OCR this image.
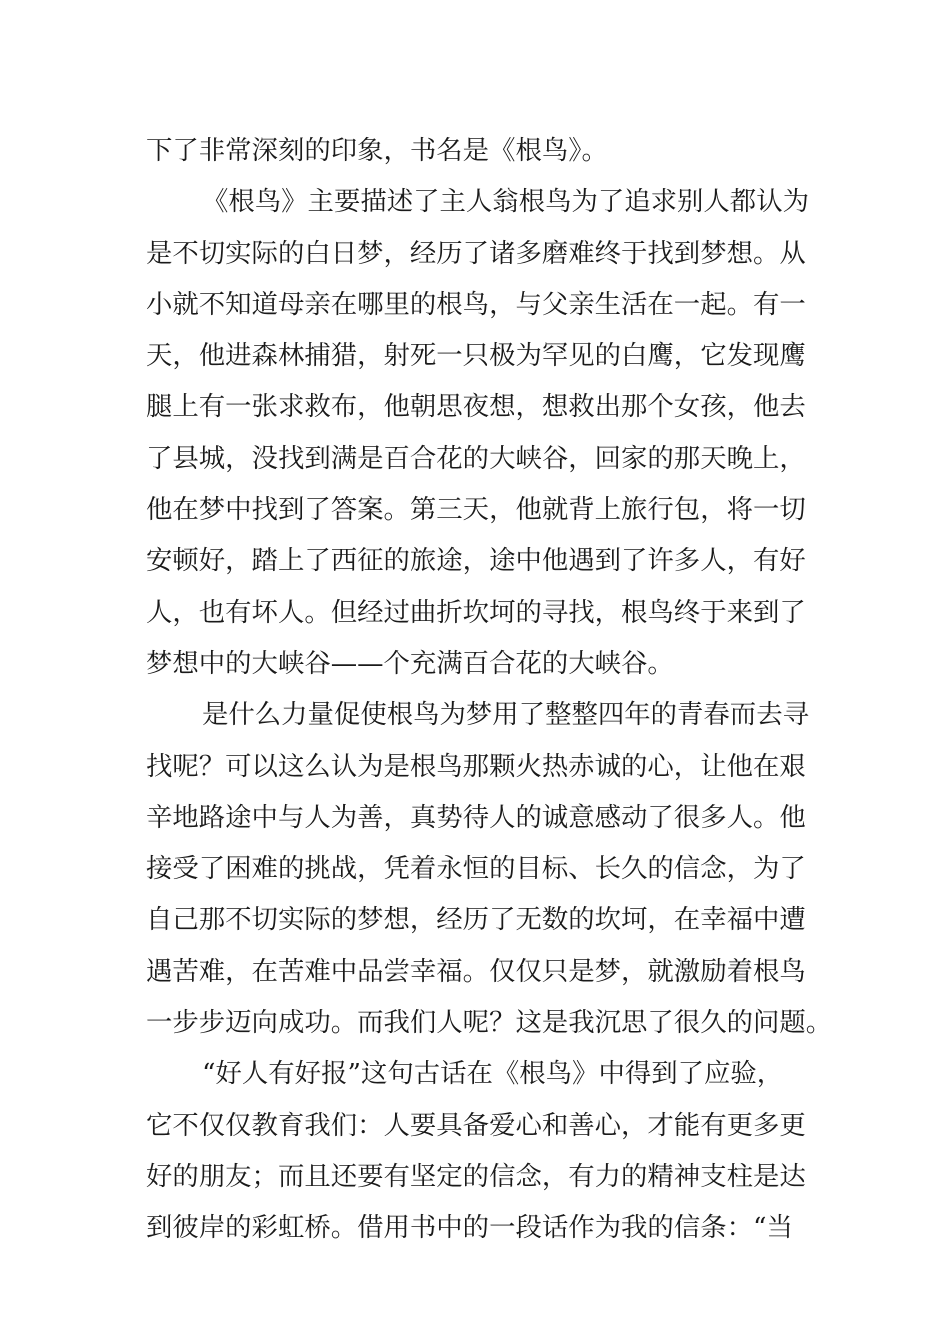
下了非常深刻的印象，书名是《根鸟》。
《根鸟》主要描述了主人翁根鸟为了追求别人都认为
是不切实际的白日梦，经历了诸多磨难终于找到梦想。从
小就不知道母亲在哪里的根鸟，与父亲生活在一起。有一
天，他进森林捕猎，射死一只极为罕见的白鹰，它发现鹰
腿上有一张求救布，他朝思夜想，想救出那个女孩，他去
了县城，没找到满是百合花的大峡谷，回家的那天晚上，
他在梦中找到了答案。第三天，他就背上旅行包，将一切
安顿好，踏上了西征的旅途，途中他遇到了许多人，有好
人，也有坏人。但经过曲折坎坷的寻找，根鸟终于来到了
梦想中的大峡谷——个充满百合花的大峡谷。
是什么力量促使根鸟为梦用了整整四年的青春而去寻
找呢？可以这么认为是根鸟那颗火热赤诚的心，让他在艰
辛地路途中与人为善，真势待人的诚意感动了很多人。他
接受了困难的挑战，凭着永恒的目标、长久的信念，为了
自己那不切实际的梦想，经历了无数的坎坷，在幸福中遭
遇苦难，在苦难中品尝幸福。仅仅只是梦，就激励着根鸟
一步步迈向成功。而我们人呢？这是我沉思了很久的问题。
“好人有好报”这句古话在《根鸟》中得到了应验，
它不仅仅教育我们：人要具备爱心和善心，才能有更多更
好的朋友；而且还要有坚定的信念，有力的精神支柱是达
到彼岸的彩虹桥。借用书中的一段话作为我的信条：“当
